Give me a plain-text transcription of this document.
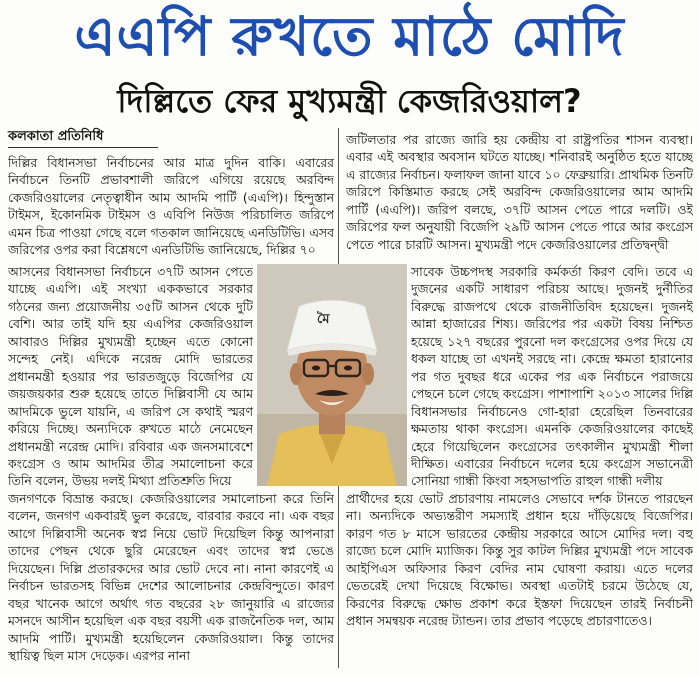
এএপি রুখতে মাঠে মোদি
দিল্লিতে ফের মুখ্যমন্ত্রী কেজরিওয়াল?
কলকাতা প্রতিনিধি

দিল্লির বিধানসভা নির্বাচনের আর মাত্র দুদিন বাকি। এবারের নির্বাচনে তিনটি প্রভাবশালী জরিপে এগিয়ে রয়েছে অরবিন্দ কেজরিওয়ালের নেতৃত্বাধীন আম আদমি পার্টি (এএপি)। হিন্দুস্তান টাইমস, ইকোনমিক টাইমস ও এবিপি নিউজ পরিচালিত জরিপে এমন চিত্র পাওয়া গেছে বলে গতকাল জানিয়েছে এনডিটিভি। এসব জরিপের ওপর করা বিশ্লেষণে এনডিটিভি জানিয়েছে, দিল্লির ৭০

আসনের বিধানসভা নির্বাচনে ৩৭টি আসন পেতে যাচ্ছে এএপি। এই সংখ্যা এককভাবে সরকার গঠনের জন্য প্রয়োজনীয় ৩৫টি আসন থেকে দুটি বেশি। আর তাই যদি হয় এএপির কেজরিওয়াল আবারও দিল্লির মুখ্যমন্ত্রী হচ্ছেন এতে কোনো সন্দেহ নেই। এদিকে নরেন্দ্র মোদি ভারতের প্রধানমন্ত্রী হওয়ার পর ভারতজুড়ে বিজেপির যে জয়জয়কার শুরু হয়েছে তাতে দিল্লিবাসী যে আম আদমিকে ভুলে যায়নি, এ জরিপ সে কথাই স্মরণ করিয়ে দিচ্ছে। অন্যদিকে রুখতে মাঠে নেমেছেন প্রধানমন্ত্রী নরেন্দ্র মোদি। রবিবার এক জনসমাবেশে কংগ্রেস ও আম আদমির তীব্র সমালোচনা করে তিনি বলেন, উভয় দলই মিথ্যা প্রতিশ্রুতি দিয়ে

জনগণকে বিভ্রান্ত করছে। কেজরিওয়ালের সমালোচনা করে তিনি বলেন, জনগণ একবারই ভুল করেছে, বারবার করবে না। এক বছর আগে দিল্লিবাসী অনেক স্বপ্ন নিয়ে ভোট দিয়েছিল কিন্তু আপনারা তাদের পেছন থেকে ছুরি মেরেছেন এবং তাদের স্বপ্ন ভেঙে দিয়েছেন। দিল্লি প্রতারকদের আর ভোট দেবে না। নানা কারণেই এ নির্বাচন ভারতসহ বিভিন্ন দেশের আলোচনার কেন্দ্রবিন্দুতে। কারণ বছর খানেক আগে অর্থাৎ গত বছরের ২৮ জানুয়ারি এ রাজ্যের মসনদে আসীন হয়েছিল এক বছর বয়সী এক রাজনৈতিক দল, আম আদমি পার্টি। মুখ্যমন্ত্রী হয়েছিলেন কেজরিওয়াল। কিন্তু তাদের স্থায়িত্ব ছিল মাস দেড়েক। এরপর নানা

জটিলতার পর রাজ্যে জারি হয় কেন্দ্রীয় বা রাষ্ট্রপতির শাসন ব্যবস্থা। এবার এই অবস্থার অবসান ঘটতে যাচ্ছে। শনিবারই অনুষ্ঠিত হতে যাচ্ছে এ রাজ্যের নির্বাচন। ফলাফল জানা যাবে ১০ ফেব্রুয়ারি। প্রাথমিক তিনটি জরিপে কিস্তিমাত করছে সেই অরবিন্দ কেজরিওয়ালের আম আদমি পার্টি (এএপি)। জরিপ বলছে, ৩৭টি আসন পেতে পারে দলটি। ওই জরিপের ফল অনুযায়ী বিজেপি ২৯টি আসন পেতে পারে আর কংগ্রেস পেতে পারে চারটি আসন। মুখ্যমন্ত্রী পদে কেজরিওয়ালের প্রতিদ্বন্দ্বী

সাবেক উচ্চপদস্থ সরকারি কর্মকর্তা কিরণ বেদি। তবে এ দুজনের একটি সাধারণ পরিচয় আছে। দুজনই দুর্নীতির বিরুদ্ধে রাজপথে থেকে রাজনীতিবিদ হয়েছেন। দুজনই আন্না হাজারের শিষ্য। জরিপের পর একটা বিষয় নিশ্চিত হয়েছে ১২৭ বছরের পুরনো দল কংগ্রেসের ওপর দিয়ে যে ধকল যাচ্ছে তা এখনই সরছে না। কেন্দ্রে ক্ষমতা হারানোর পর গত দুবছর ধরে একের পর এক নির্বাচনে পরাজয়ে পেছনে চলে গেছে কংগ্রেস। পাশাপাশি ২০১৩ সালের দিল্লি বিধানসভার নির্বাচনেও গো-হারা হেরেছিল তিনবারের ক্ষমতায় থাকা কংগ্রেস। এমনকি কেজরিওয়ালের কাছেই হেরে গিয়েছিলেন কংগ্রেসের তৎকালীন মুখ্যমন্ত্রী শীলা দীক্ষিত। এবারের নির্বাচনে দলের হয়ে কংগ্রেস সভানেত্রী সোনিয়া গান্ধী কিংবা সহসভাপতি রাহুল গান্ধী দলীয়

প্রার্থীদের হয়ে ভোট প্রচারণায় নামলেও সেভাবে দর্শক টানতে পারছেন না। অন্যদিকে অভ্যন্তরীণ সমস্যাই প্রধান হয়ে দাঁড়িয়েছে বিজেপির। কারণ গত ৮ মাসে ভারতের কেন্দ্রীয় সরকারে আসে মোদির দল। বহু রাজ্যে চলে মোদি ম্যাজিক। কিন্তু সুর কাটল দিল্লির মুখ্যমন্ত্রী পদে সাবেক আইপিএস অফিসার কিরণ বেদির নাম ঘোষণা করায়। এতে দলের ভেতরেই দেখা দিয়েছে বিক্ষোভ। অবস্থা এতটাই চরমে উঠেছে যে, কিরণের বিরুদ্ধে ক্ষোভ প্রকাশ করে ইস্তফা দিয়েছেন তারই নির্বাচনী প্রধান সমন্বয়ক নরেন্দ্র ট্যান্ডন। তার প্রভাব পড়েছে প্রচারণাতেও।

মৈ
